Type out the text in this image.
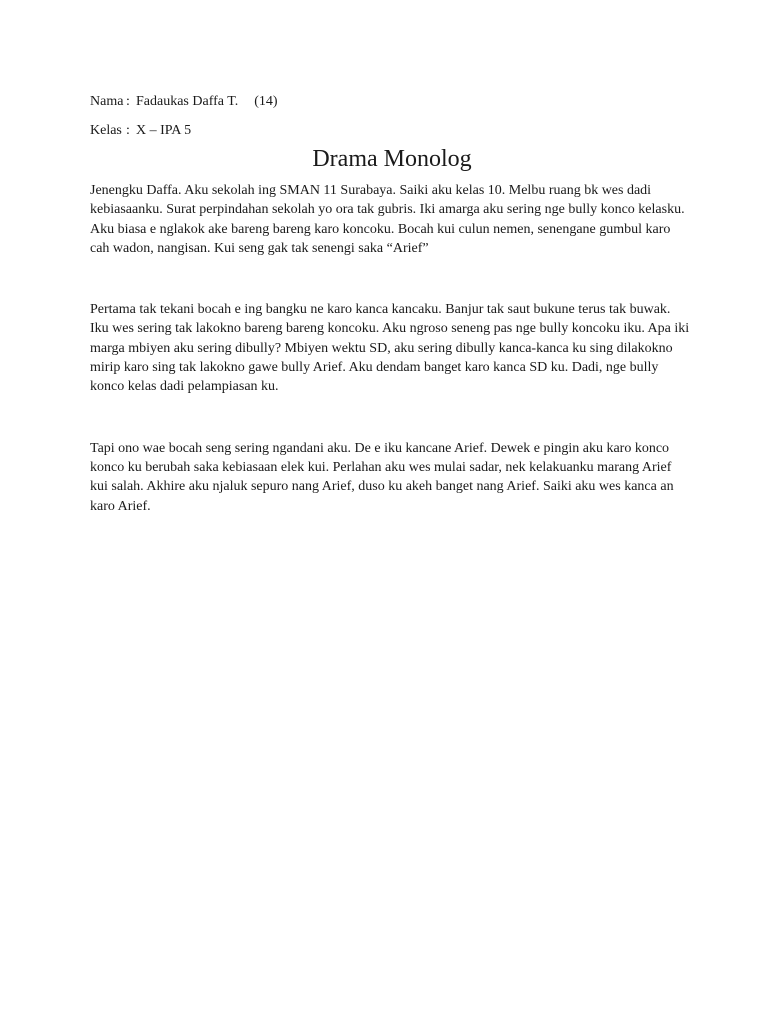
Nama : Fadaukas Daffa T. (14)
Kelas : X – IPA 5
Drama Monolog

Jenengku Daffa. Aku sekolah ing SMAN 11 Surabaya. Saiki aku kelas 10. Melbu ruang bk wes dadi kebiasaanku. Surat perpindahan sekolah yo ora tak gubris. Iki amarga aku sering nge bully konco kelasku. Aku biasa e nglakok ake bareng bareng karo koncoku. Bocah kui culun nemen, senengane gumbul karo cah wadon, nangisan. Kui seng gak tak senengi saka “Arief”

Pertama tak tekani bocah e ing bangku ne karo kanca kancaku. Banjur tak saut bukune terus tak buwak. Iku wes sering tak lakokno bareng bareng koncoku. Aku ngroso seneng pas nge bully koncoku iku. Apa iki marga mbiyen aku sering dibully? Mbiyen wektu SD, aku sering dibully kanca-kanca ku sing dilakokno mirip karo sing tak lakokno gawe bully Arief. Aku dendam banget karo kanca SD ku. Dadi, nge bully konco kelas dadi pelampiasan ku.

Tapi ono wae bocah seng sering ngandani aku. De e iku kancane Arief. Dewek e pingin aku karo konco konco ku berubah saka kebiasaan elek kui. Perlahan aku wes mulai sadar, nek kelakuanku marang Arief kui salah. Akhire aku njaluk sepuro nang Arief, duso ku akeh banget nang Arief. Saiki aku wes kanca an karo Arief.
